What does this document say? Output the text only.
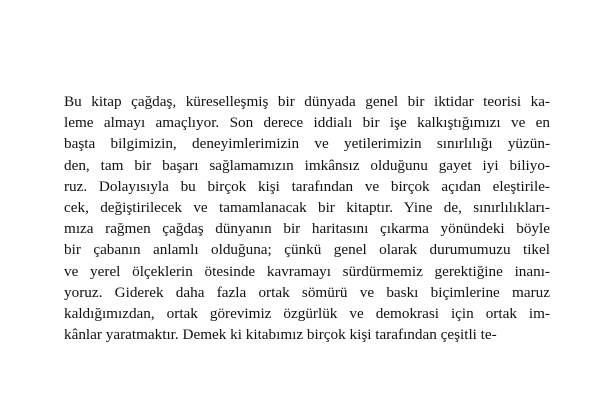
Bu kitap çağdaş, küreselleşmiş bir dünyada genel bir iktidar teorisi ka-
leme almayı amaçlıyor. Son derece iddialı bir işe kalkıştığımızı ve en
başta bilgimizin, deneyimlerimizin ve yetilerimizin sınırlılığı yüzün-
den, tam bir başarı sağlamamızın imkânsız olduğunu gayet iyi biliyo-
ruz. Dolayısıyla bu birçok kişi tarafından ve birçok açıdan eleştirile-
cek, değiştirilecek ve tamamlanacak bir kitaptır. Yine de, sınırlılıkları-
mıza rağmen çağdaş dünyanın bir haritasını çıkarma yönündeki böyle
bir çabanın anlamlı olduğuna; çünkü genel olarak durumumuzu tikel
ve yerel ölçeklerin ötesinde kavramayı sürdürmemiz gerektiğine inanı-
yoruz. Giderek daha fazla ortak sömürü ve baskı biçimlerine maruz
kaldığımızdan, ortak görevimiz özgürlük ve demokrasi için ortak im-
kânlar yaratmaktır. Demek ki kitabımız birçok kişi tarafından çeşitli te-
